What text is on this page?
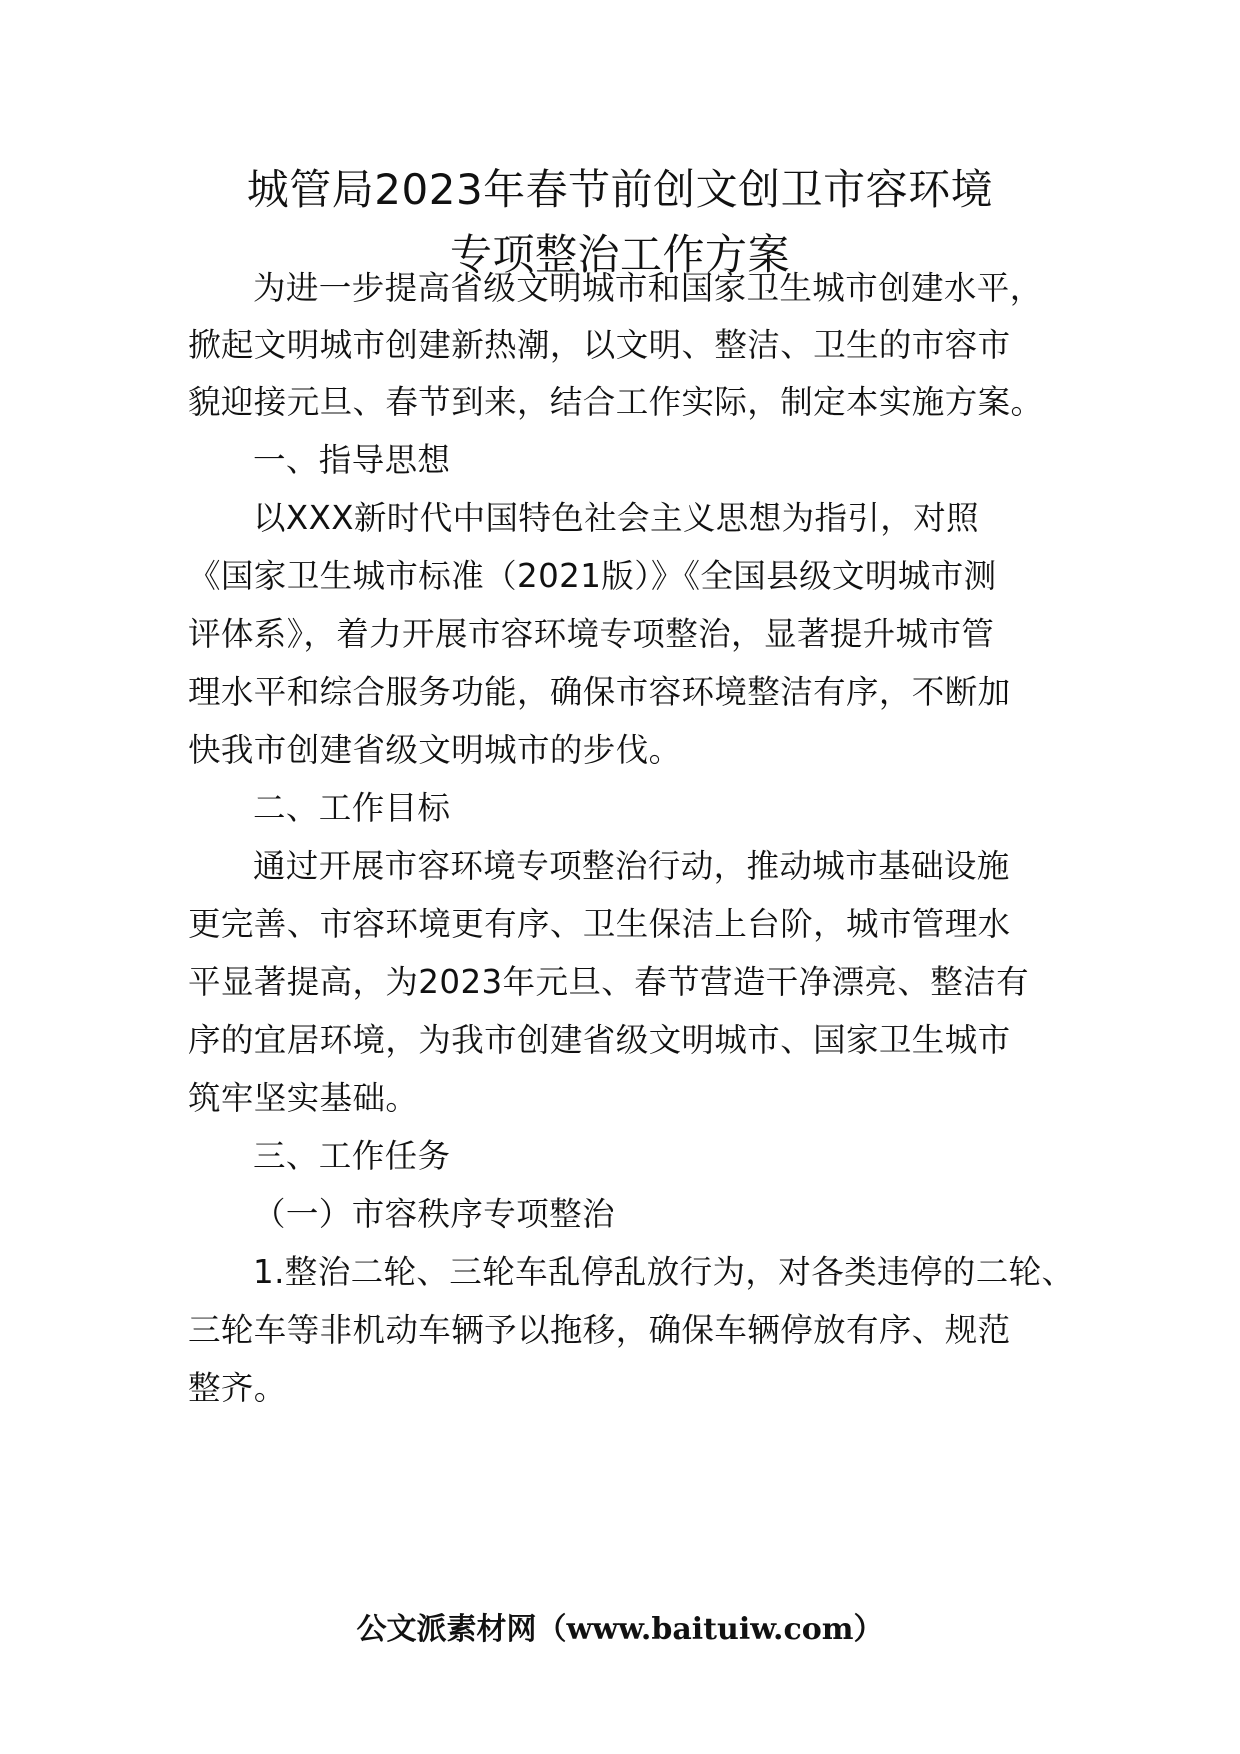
城管局2023年春节前创文创卫市容环境
专项整治工作方案
为进一步提高省级文明城市和国家卫生城市创建水平，
掀起文明城市创建新热潮，以文明、整洁、卫生的市容市
貌迎接元旦、春节到来，结合工作实际，制定本实施方案。
一、指导思想
以XXX新时代中国特色社会主义思想为指引，对照
《国家卫生城市标准（2021版）》《全国县级文明城市测
评体系》，着力开展市容环境专项整治，显著提升城市管
理水平和综合服务功能，确保市容环境整洁有序，不断加
快我市创建省级文明城市的步伐。
二、工作目标
通过开展市容环境专项整治行动，推动城市基础设施
更完善、市容环境更有序、卫生保洁上台阶，城市管理水
平显著提高，为2023年元旦、春节营造干净漂亮、整洁有
序的宜居环境，为我市创建省级文明城市、国家卫生城市
筑牢坚实基础。
三、工作任务
（一）市容秩序专项整治
1.整治二轮、三轮车乱停乱放行为，对各类违停的二轮、
三轮车等非机动车辆予以拖移，确保车辆停放有序、规范
整齐。
公文派素材网（www.baituiw.com）
